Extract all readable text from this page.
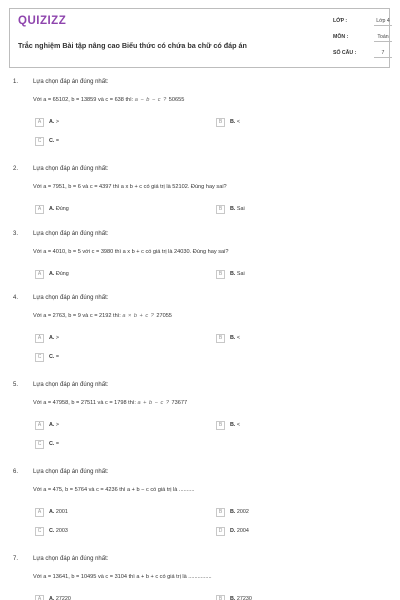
QUIZIZZ
Trắc nghiệm Bài tập nâng cao Biểu thức có chứa ba chữ có đáp án
LỚP :	Lớp 4
MÔN :	Toán
SỐ CÂU :	7
1. Lựa chọn đáp án đúng nhất:
Với a = 65102, b = 13859 và c = 638 thì: a − b − c ? 50655
A	A. >	B	B. <
C	C. =
2. Lựa chọn đáp án đúng nhất:
Với a = 7951, b = 6 và c = 4397 thì a x b + c có giá trị là 52102. Đúng hay sai?
A	A. Đúng	B	B. Sai
3. Lựa chọn đáp án đúng nhất:
Với a = 4010, b = 5 với c = 3980 thì a x b + c có giá trị là 24030. Đúng hay sai?
A	A. Đúng	B	B. Sai
4. Lựa chọn đáp án đúng nhất:
Với a = 2763, b = 9 và c = 2192 thì: a × b + c ? 27055
A	A. >	B	B. <
C	C. =
5. Lựa chọn đáp án đúng nhất:
Với a = 47958, b = 27511 và c = 1798 thì: a + b − c ? 73677
A	A. >	B	B. <
C	C. =
6. Lựa chọn đáp án đúng nhất:
Với a = 475, b = 5764 và c = 4236 thì a + b − c có giá trị là ..........
A	A. 2001	B	B. 2002
C	C. 2003	D	D. 2004
7. Lựa chọn đáp án đúng nhất:
Với a = 13641, b = 10495 và c = 3104 thì a + b + c có giá trị là ...............
A	A. 27220	B	B. 27230
